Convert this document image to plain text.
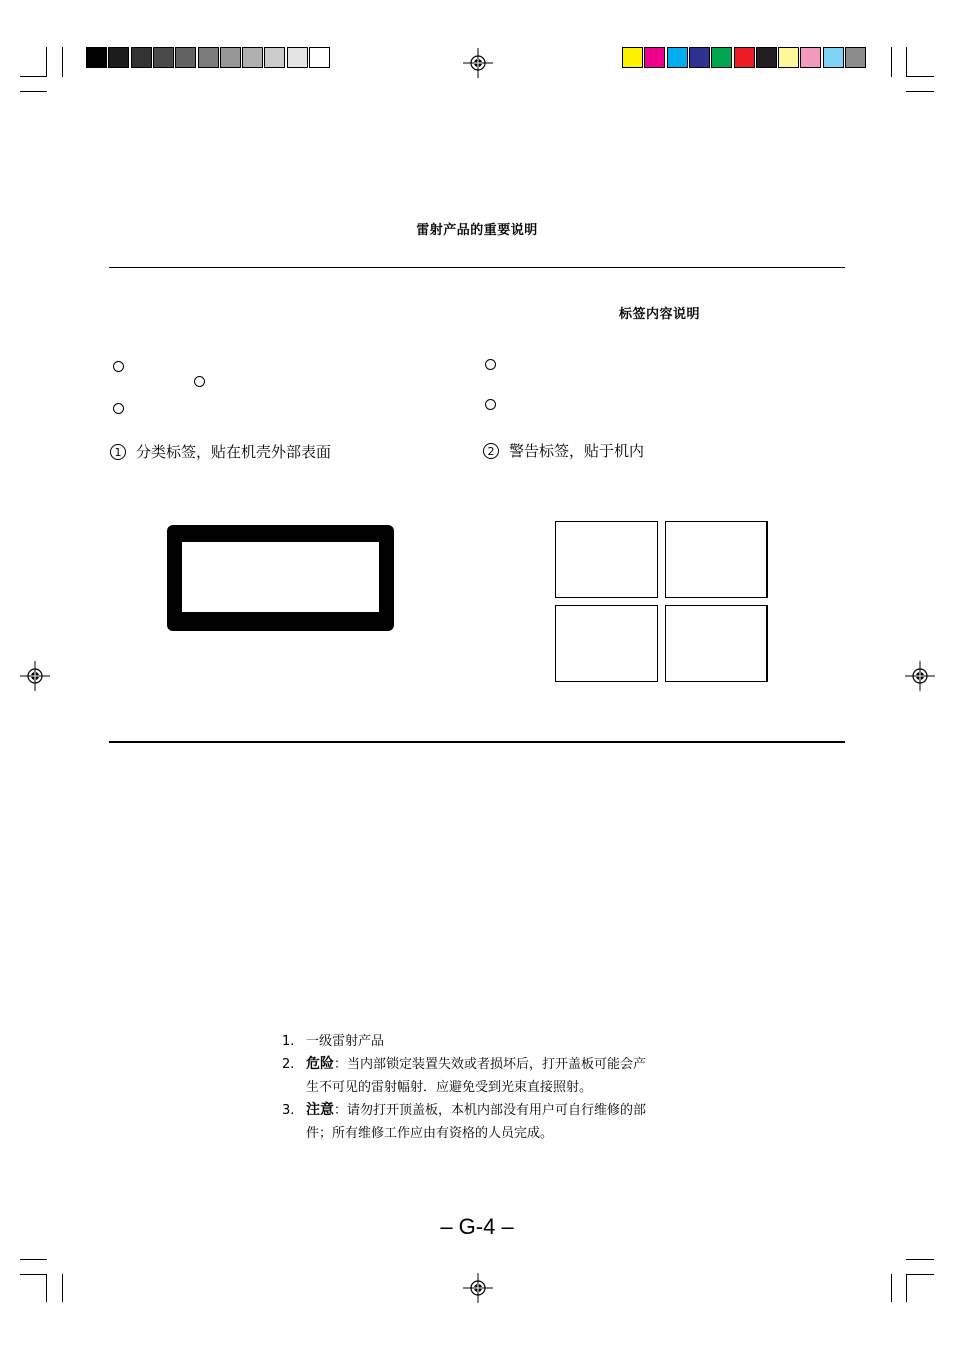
雷射产品的重要说明
标签内容说明
1 分类标签，贴在机壳外部表面	2 警告标签，贴于机内
1. 一级雷射产品
2. 危险：当内部锁定装置失效或者损坏后，打开盖板可能会产
生不可见的雷射幅射．应避免受到光束直接照射。
3. 注意：请勿打开顶盖板，本机内部没有用户可自行维修的部
件；所有维修工作应由有资格的人员完成。
– G-4 –
